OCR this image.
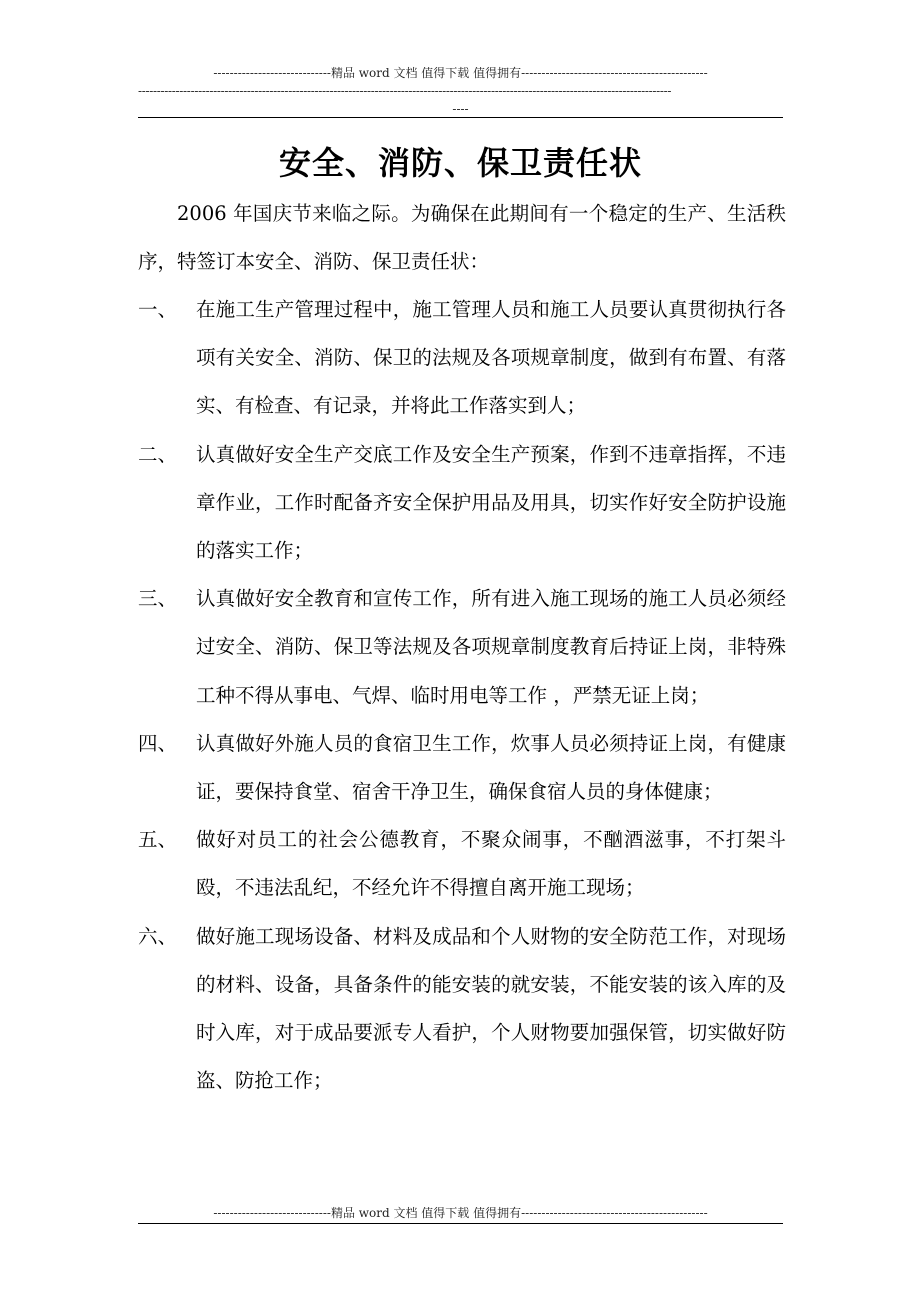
-----------------------------精品 word 文档 值得下载 值得拥有----------------------------------------------
----------------------------------------------------------------------------------------------------------------------------------------------
----
安全、消防、保卫责任状

2006 年国庆节来临之际。为确保在此期间有一个稳定的生产、生活秩序，特签订本安全、消防、保卫责任状：

一、 在施工生产管理过程中，施工管理人员和施工人员要认真贯彻执行各项有关安全、消防、保卫的法规及各项规章制度，做到有布置、有落实、有检查、有记录，并将此工作落实到人；
二、 认真做好安全生产交底工作及安全生产预案，作到不违章指挥，不违章作业，工作时配备齐安全保护用品及用具，切实作好安全防护设施的落实工作；
三、 认真做好安全教育和宣传工作，所有进入施工现场的施工人员必须经过安全、消防、保卫等法规及各项规章制度教育后持证上岗，非特殊工种不得从事电、气焊、临时用电等工作 ，严禁无证上岗；
四、 认真做好外施人员的食宿卫生工作，炊事人员必须持证上岗，有健康证，要保持食堂、宿舍干净卫生，确保食宿人员的身体健康；
五、 做好对员工的社会公德教育，不聚众闹事，不酗酒滋事，不打架斗殴，不违法乱纪，不经允许不得擅自离开施工现场；
六、 做好施工现场设备、材料及成品和个人财物的安全防范工作，对现场的材料、设备，具备条件的能安装的就安装，不能安装的该入库的及时入库，对于成品要派专人看护，个人财物要加强保管，切实做好防盗、防抢工作；
-----------------------------精品 word 文档 值得下载 值得拥有----------------------------------------------
